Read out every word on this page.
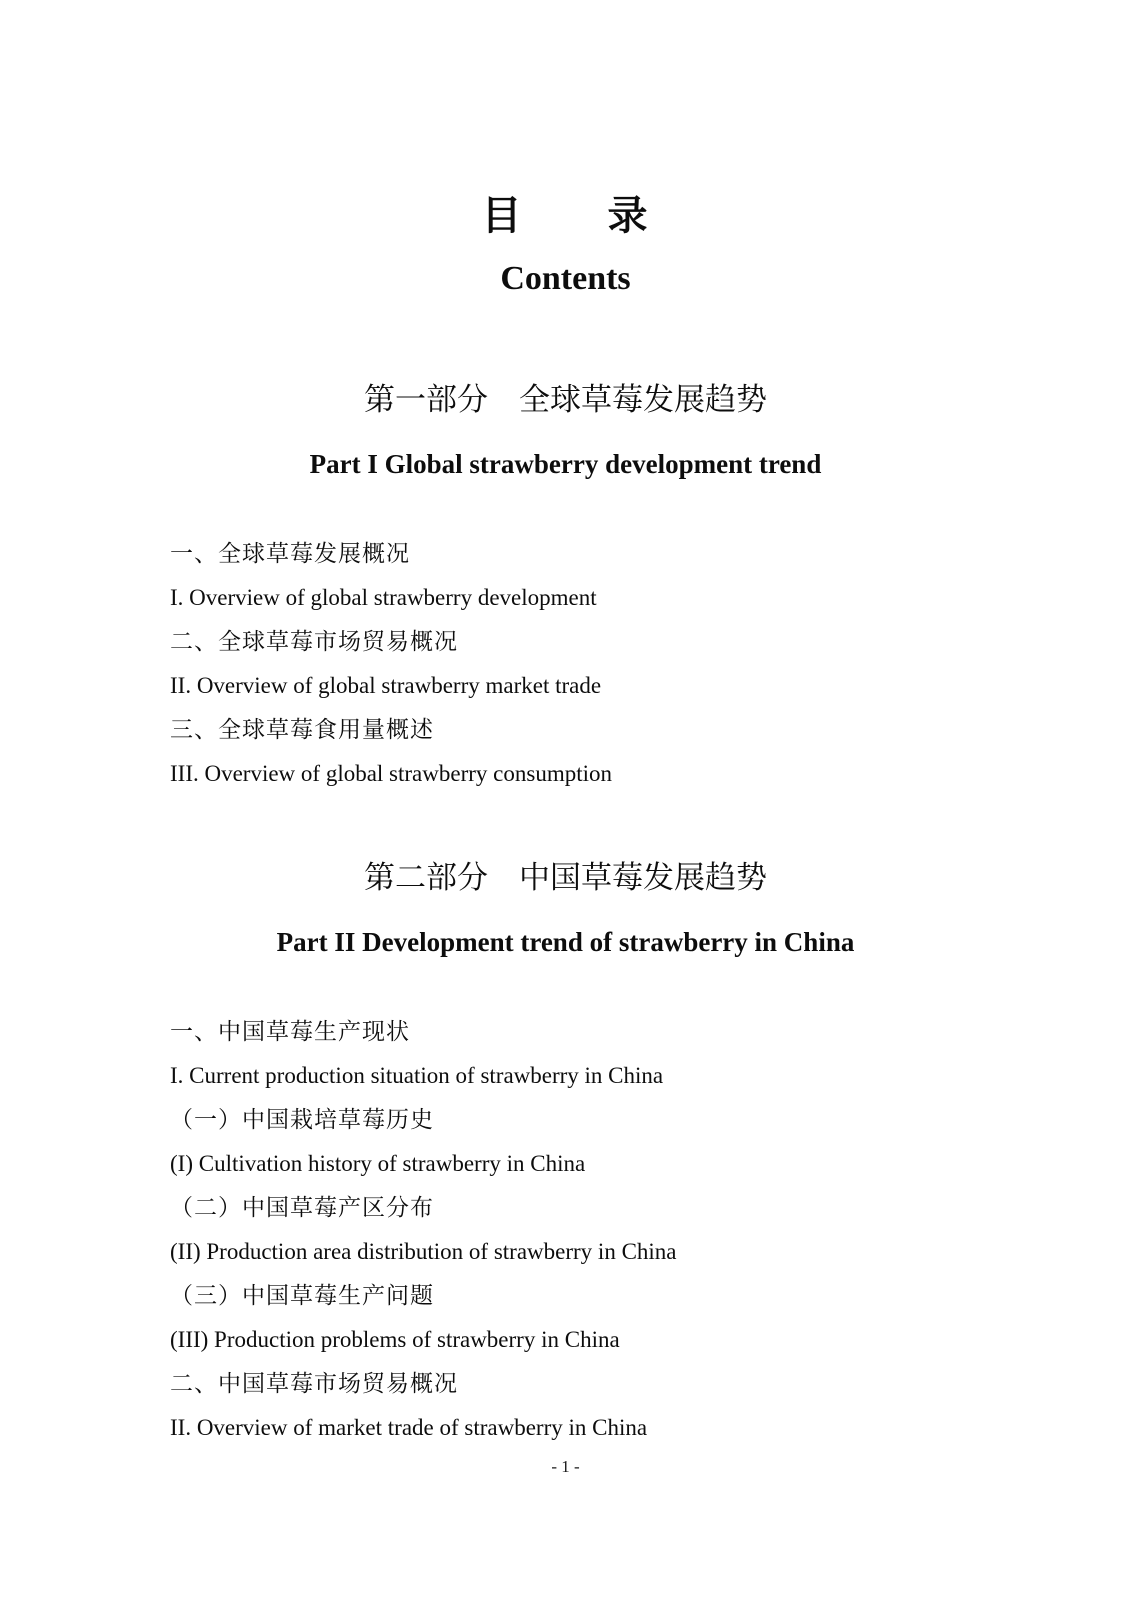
目　　录
Contents
第一部分　全球草莓发展趋势
Part I Global strawberry development trend
一、全球草莓发展概况
I. Overview of global strawberry development
二、全球草莓市场贸易概况
II. Overview of global strawberry market trade
三、全球草莓食用量概述
III. Overview of global strawberry consumption
第二部分　中国草莓发展趋势
Part II Development trend of strawberry in China
一、中国草莓生产现状
I. Current production situation of strawberry in China
（一）中国栽培草莓历史
(I) Cultivation history of strawberry in China
（二）中国草莓产区分布
(II) Production area distribution of strawberry in China
（三）中国草莓生产问题
(III) Production problems of strawberry in China
二、中国草莓市场贸易概况
II. Overview of market trade of strawberry in China
- 1 -
